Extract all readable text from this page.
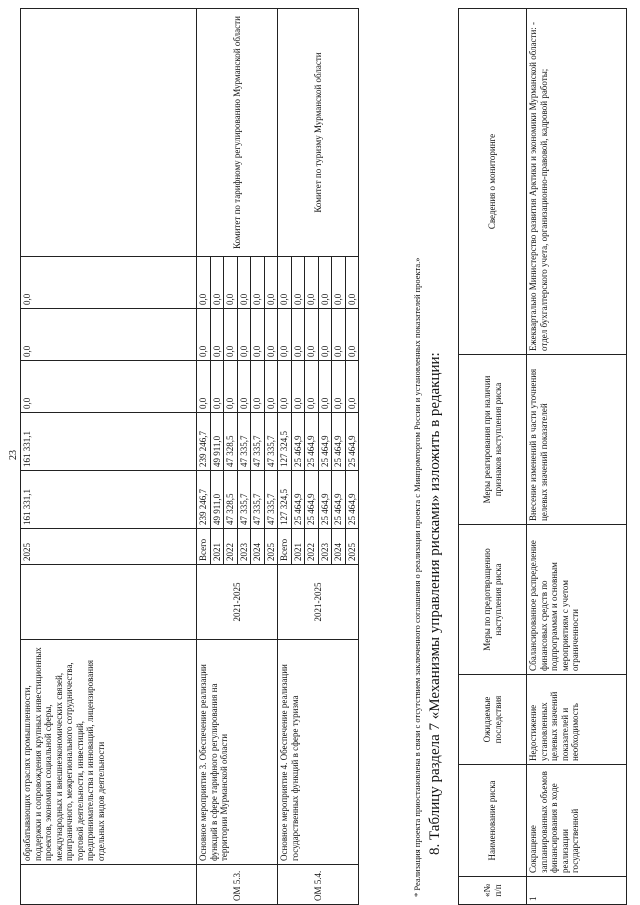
23
	обрабатывающих отраслях промышленности, поддержки и сопровождения крупных инвестиционных проектов, экономики социальной сферы, международных и внешнеэкономических связей, приграничного, межрегионального сотрудничества, торговой деятельности, инвестиций, предпринимательства и инноваций, лицензирования отдельных видов деятельности		2025	161 331,1	161 331,1	0,0	0,0	0,0	
ОМ 5.3.	Основное мероприятие 3. Обеспечение реализации функций в сфере тарифного регулирования на территории Мурманской области	2021-2025	Всего	239 246,7	239 246,7	0,0	0,0	0,0	Комитет по тарифному регулированию Мурманской области
			2021	49 911,0	49 911,0	0,0	0,0	0,0	
			2022	47 328,5	47 328,5	0,0	0,0	0,0	
			2023	47 335,7	47 335,7	0,0	0,0	0,0	
			2024	47 335,7	47 335,7	0,0	0,0	0,0	
			2025	47 335,7	47 335,7	0,0	0,0	0,0	
ОМ 5.4.	Основное мероприятие 4. Обеспечение реализации государственных функций в сфере туризма	2021-2025	Всего	127 324,5	127 324,5	0,0	0,0	0,0	Комитет по туризму Мурманской области
			2021	25 464,9	25 464,9	0,0	0,0	0,0	
			2022	25 464,9	25 464,9	0,0	0,0	0,0	
			2023	25 464,9	25 464,9	0,0	0,0	0,0	
			2024	25 464,9	25 464,9	0,0	0,0	0,0	
			2025	25 464,9	25 464,9	0,0	0,0	0,0		* Реализация проекта приостановлена в связи с отсутствием заключенного соглашения о реализации проекта с Минпромторгом России и установленных показателей проекта.» 8. Таблицу раздела 7 «Механизмы управления рисками» изложить в редакции:
«№ п/п	Наименование риска	Ожидаемые последствия	Меры по предотвращению наступления риска	Меры реагирования при наличии признаков наступления риска	Сведения о мониторинге
1	Сокращение запланированных объемов финансирования в ходе реализации государственной	Недостижение установленных целевых значений показателей и необходимость	Сбалансированное распределение финансовых средств по подпрограммам и основным мероприятиям с учетом ограниченности	Внесение изменений в части уточнения целевых значений показателей	Ежеквартально Министерство развития Арктики и экономики Мурманской области: - отдел бухгалтерского учета, организационно-правовой, кадровой работы;
